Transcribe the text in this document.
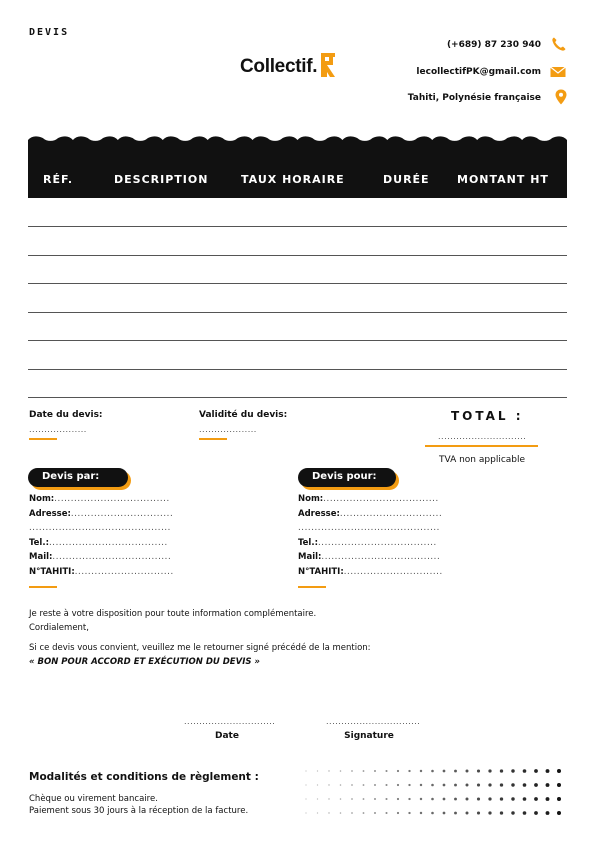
DEVIS
Collectif.
(+689) 87 230 940
lecollectifPK@gmail.com
Tahiti, Polynésie française
RÉF.	DESCRIPTION	TAUX HORAIRE	DURÉE MONTANT HT
Date du devis:
...................
Validité du devis:
...................
TOTAL :
.............................
TVA non applicable
Devis par:	Devis pour:
Nom:...................................
Adresse:...............................
...........................................
Tel.:....................................
Mail:....................................
N°TAHITI:..............................
Nom:...................................
Adresse:...............................
...........................................
Tel.:....................................
Mail:....................................
N°TAHITI:..............................
Je reste à votre disposition pour toute information complémentaire.
Cordialement,
Si ce devis vous convient, veuillez me le retourner signé précédé de la mention:
« BON POUR ACCORD ET EXÉCUTION DU DEVIS »
..............................
Date
...............................
Signature
Modalités et conditions de règlement :
Chèque ou virement bancaire.
Paiement sous 30 jours à la réception de la facture.
